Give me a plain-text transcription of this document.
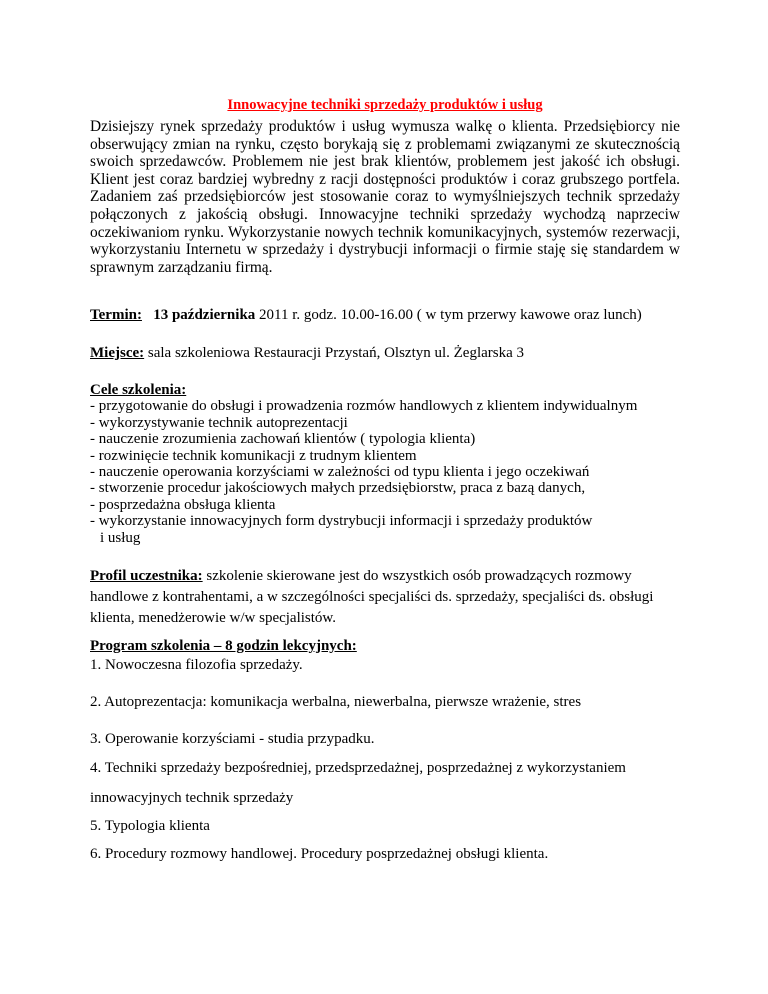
Innowacyjne techniki sprzedaży produktów i usług

Dzisiejszy rynek sprzedaży produktów i usług wymusza walkę o klienta. Przedsiębiorcy nie obserwujący zmian na rynku, często borykają się z problemami związanymi ze skutecznością swoich sprzedawców. Problemem nie jest brak klientów, problemem jest jakość ich obsługi. Klient jest coraz bardziej wybredny z racji dostępności produktów i coraz grubszego portfela. Zadaniem zaś przedsiębiorców jest stosowanie coraz to wymyślniejszych technik sprzedaży połączonych z jakością obsługi. Innowacyjne techniki sprzedaży wychodzą naprzeciw oczekiwaniom rynku. Wykorzystanie nowych technik komunikacyjnych, systemów rezerwacji, wykorzystaniu Internetu w sprzedaży i dystrybucji informacji o firmie staję się standardem w sprawnym zarządzaniu firmą.

Termin: 13 października 2011 r. godz. 10.00-16.00 ( w tym przerwy kawowe oraz lunch)
Miejsce: sala szkoleniowa Restauracji Przystań, Olsztyn ul. Żeglarska 3
Cele szkolenia:
- przygotowanie do obsługi i prowadzenia rozmów handlowych z klientem indywidualnym
- wykorzystywanie technik autoprezentacji
- nauczenie zrozumienia zachowań klientów ( typologia klienta)
- rozwinięcie technik komunikacji z trudnym klientem
- nauczenie operowania korzyściami w zależności od typu klienta i jego oczekiwań
- stworzenie procedur jakościowych małych przedsiębiorstw, praca z bazą danych,
- posprzedażna obsługa klienta
- wykorzystanie innowacyjnych form dystrybucji informacji i sprzedaży produktów
i usług
Profil uczestnika: szkolenie skierowane jest do wszystkich osób prowadzących rozmowy handlowe z kontrahentami, a w szczególności specjaliści ds. sprzedaży, specjaliści ds. obsługi klienta, menedżerowie w/w specjalistów.
Program szkolenia – 8 godzin lekcyjnych:
1. Nowoczesna filozofia sprzedaży.
2. Autoprezentacja: komunikacja werbalna, niewerbalna, pierwsze wrażenie, stres
3. Operowanie korzyściami - studia przypadku.
4. Techniki sprzedaży bezpośredniej, przedsprzedażnej, posprzedażnej z wykorzystaniem
innowacyjnych technik sprzedaży
5. Typologia klienta
6. Procedury rozmowy handlowej. Procedury posprzedażnej obsługi klienta.
